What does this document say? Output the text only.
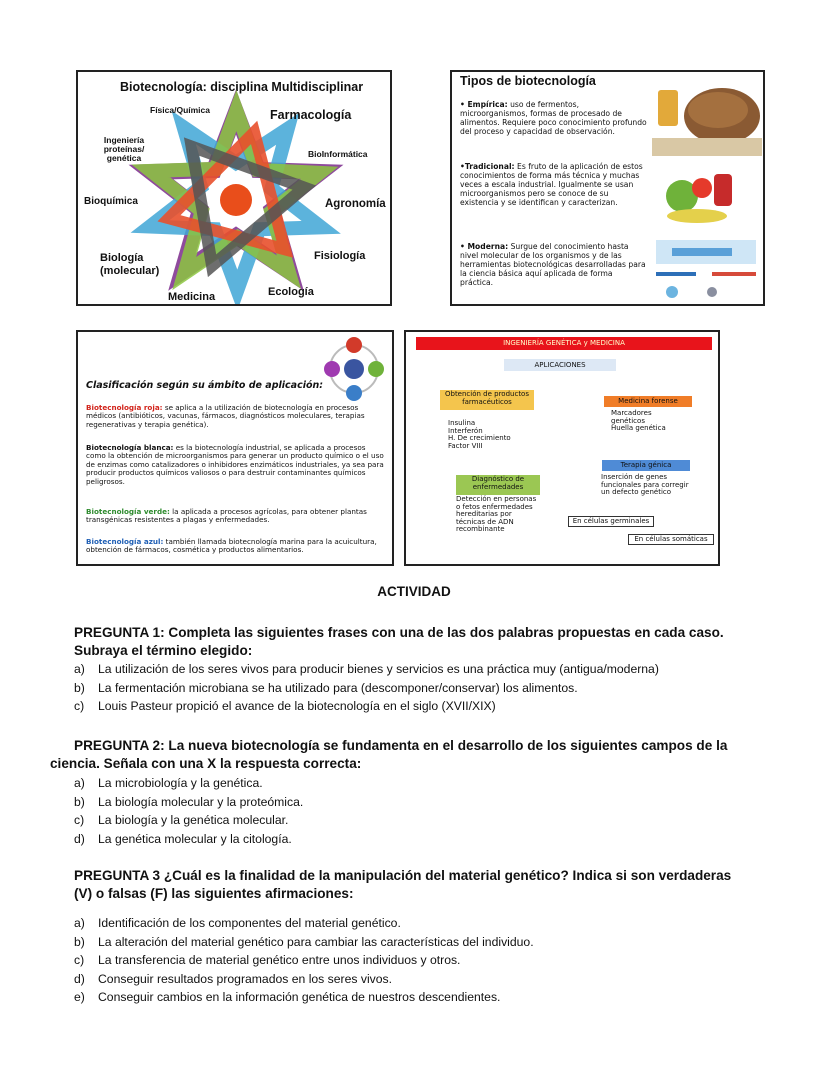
Biotecnología: disciplina Multidisciplinar
Física/Química	Farmacología
Ingeniería proteínas/ genética	BioInformática
Bioquímica	Agronomía
Biología (molecular)
Fisiología
Medicina	Ecología
Tipos de biotecnología
• Empírica: uso de fermentos, microorganismos, formas de procesado de alimentos. Requiere poco conocimiento profundo del proceso y capacidad de observación.
•Tradicional: Es fruto de la aplicación de estos conocimientos de forma más técnica y muchas veces a escala industrial. Igualmente se usan microorganismos pero se conoce de su existencia y se identifican y caracterizan.
• Moderna: Surgue del conocimiento hasta nivel molecular de los organismos y de las herramientas biotecnológicas desarrolladas para la ciencia básica aquí aplicada de forma práctica.
Clasificación según su ámbito de aplicación:
Biotecnología roja: se aplica a la utilización de biotecnología en procesos médicos (antibióticos, vacunas, fármacos, diagnósticos moleculares, terapias regenerativas y terapia genética).
Biotecnología blanca: es la biotecnología industrial, se aplicada a procesos como la obtención de microorganismos para generar un producto químico o el uso de enzimas como catalizadores o inhibidores enzimáticos industriales, ya sea para producir productos químicos valiosos o para destruir contaminantes químicos peligrosos.
Biotecnología verde: la aplicada a procesos agrícolas, para obtener plantas transgénicas resistentes a plagas y enfermedades.
Biotecnología azul: también llamada biotecnología marina para la acuicultura, obtención de fármacos, cosmética y productos alimentarios.
INGENIERÍA GENÉTICA y MEDICINA
APLICACIONES
Obtención de productos farmacéuticos
Insulina
Interferón
H. De crecimiento
Factor VIII
Medicina forense
Marcadores
genéticos
Huella genética
Diagnóstico de enfermedades
Detección en personas
o fetos enfermedades
hereditarias por
técnicas de ADN
recombinante
Terapia génica
Inserción de genes
funcionales para corregir
un defecto genético
En células germinales
En células somáticas
ACTIVIDAD
PREGUNTA 1: Completa las siguientes frases con una de las dos palabras propuestas en cada caso. Subraya el término elegido:
a) La utilización de los seres vivos para producir bienes y servicios es una práctica muy (antigua/moderna)
b) La fermentación microbiana se ha utilizado para (descomponer/conservar) los alimentos.
c) Louis Pasteur propició el avance de la biotecnología en el siglo (XVII/XIX)
PREGUNTA 2: La nueva biotecnología se fundamenta en el desarrollo de los siguientes campos de la ciencia. Señala con una X la respuesta correcta:
a) La microbiología y la genética.
b) La biología molecular y la proteómica.
c) La biología y la genética molecular.
d) La genética molecular y la citología.
PREGUNTA 3 ¿Cuál es la finalidad de la manipulación del material genético? Indica si son verdaderas (V) o falsas (F) las siguientes afirmaciones:
a) Identificación de los componentes del material genético.
b) La alteración del material genético para cambiar las características del individuo.
c) La transferencia de material genético entre unos individuos y otros.
d) Conseguir resultados programados en los seres vivos.
e) Conseguir cambios en la información genética de nuestros descendientes.
